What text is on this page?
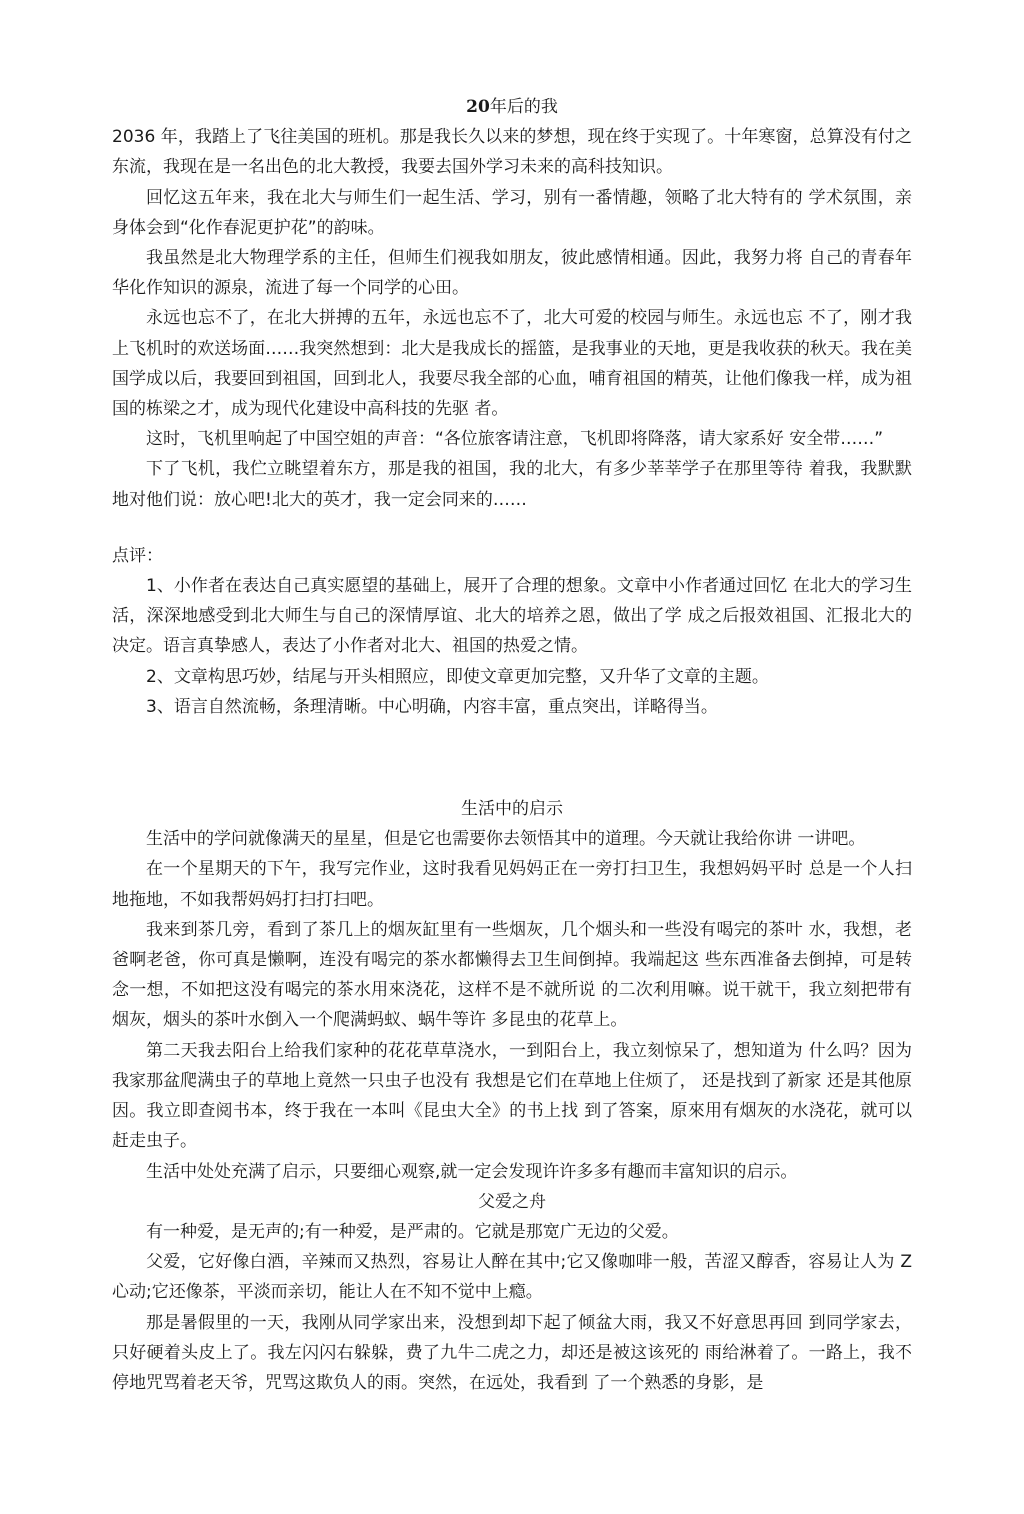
20年后的我

2036 年，我踏上了飞往美国的班机。那是我长久以来的梦想，现在终于实现了。十年寒窗，总算没有付之东流，我现在是一名出色的北大教授，我要去国外学习未来的高科技知识。

回忆这五年来，我在北大与师生们一起生活、学习，别有一番情趣，领略了北大特有的 学术氛围，亲身体会到“化作春泥更护花”的韵味。

我虽然是北大物理学系的主任，但师生们视我如朋友，彼此感情相通。因此，我努力将 自己的青春年华化作知识的源泉，流进了每一个同学的心田。

永远也忘不了，在北大拼搏的五年，永远也忘不了，北大可爱的校园与师生。永远也忘 不了，刚才我上飞机时的欢送场面……我突然想到：北大是我成长的摇篮，是我事业的天地，更是我收获的秋天。我在美国学成以后，我要回到祖国，回到北人，我要尽我全部的心血，哺育祖国的精英，让他们像我一样，成为祖国的栋梁之才，成为现代化建设中高科技的先驱 者。

这时，飞机里响起了中国空姐的声音：“各位旅客请注意，飞机即将降落，请大家系好 安全带……”

下了飞机，我伫立眺望着东方，那是我的祖国，我的北大，有多少莘莘学子在那里等待 着我，我默默地对他们说：放心吧!北大的英才，我一定会同来的……

点评：

1、小作者在表达自己真实愿望的基础上，展开了合理的想象。文章中小作者通过回忆 在北大的学习生活，深深地感受到北大师生与自己的深情厚谊、北大的培养之恩，做出了学 成之后报效祖国、汇报北大的决定。语言真挚感人，表达了小作者对北大、祖国的热爱之情。

2、文章构思巧妙，结尾与开头相照应，即使文章更加完整，又升华了文章的主题。

3、语言自然流畅，条理清晰。中心明确，内容丰富，重点突出，详略得当。

生活中的启示

生活中的学问就像满天的星星，但是它也需要你去领悟其中的道理。今天就让我给你讲 一讲吧。

在一个星期天的下午，我写完作业，这时我看见妈妈正在一旁打扫卫生，我想妈妈平时 总是一个人扫地拖地，不如我帮妈妈打扫打扫吧。

我来到茶几旁，看到了茶几上的烟灰缸里有一些烟灰，几个烟头和一些没有喝完的茶叶 水，我想，老爸啊老爸，你可真是懒啊，连没有喝完的茶水都懒得去卫生间倒掉。我端起这 些东西准备去倒掉，可是转念一想，不如把这没有喝完的茶水用來浇花，这样不是不就所说 的二次利用嘛。说干就干，我立刻把带有烟灰，烟头的茶叶水倒入一个爬满蚂蚁、蜗牛等许 多昆虫的花草上。

第二天我去阳台上给我们家种的花花草草浇水，一到阳台上，我立刻惊呆了，想知道为 什么吗？因为我家那盆爬满虫子的草地上竟然一只虫子也没有 我想是它们在草地上住烦了， 还是找到了新家 还是其他原因。我立即查阅书本，终于我在一本叫《昆虫大全》的书上找 到了答案，原來用有烟灰的水浇花，就可以赶走虫子。

生活中处处充满了启示，只要细心观察,就一定会发现许许多多有趣而丰富知识的启示。

父爱之舟

有一种爱，是无声的;有一种爱，是严肃的。它就是那宽广无边的父爱。

父爱，它好像白酒，辛辣而又热烈，容易让人醉在其中;它又像咖啡一般，苦涩又醇香，容易让人为 Z 心动;它还像茶，平淡而亲切，能让人在不知不觉中上瘾。

那是暑假里的一天，我刚从同学家出来，没想到却下起了倾盆大雨，我又不好意思再回 到同学家去，只好硬着头皮上了。我左闪闪右躲躲，费了九牛二虎之力，却还是被这该死的 雨给淋着了。一路上，我不停地咒骂着老天爷，咒骂这欺负人的雨。突然，在远处，我看到 了一个熟悉的身影，是
